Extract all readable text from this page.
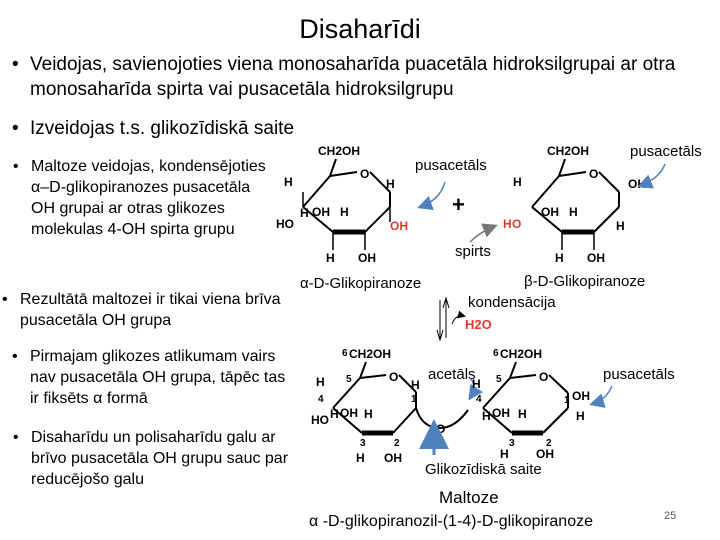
Disaharīdi
• Veidojas, savienojoties viena monosaharīda puacetāla hidroksilgrupai ar otra monosaharīda spirta vai pusacetāla hidroksilgrupu
• Izveidojas t.s. glikozīdiskā saite
• Maltoze veidojas, kondensējoties α–D-glikopiranozes pusacetāla OH grupai ar otras glikozes molekulas 4-OH spirta grupu
• Rezultātā maltozei ir tikai viena brīva pusacetāla OH grupa
• Pirmajam glikozes atlikumam vairs nav pusacetāla OH grupa, tāpēc tas ir fiksēts α formā
• Disaharīdu un polisaharīdu galu ar brīvo pusacetāla OH grupu sauc par reducējošo galu
CH2OH
O
H
H OH
HO
H
H OH
H
OH
+
pusacetāls
spirts
CH2OH
O
H
H O
OH H
H OH
OH
H
pusacetāls
α-D-Glikopiranoze	β-D-Glikopiranoze
kondensācija
H2O
6 CH2OH
5	O
H
4
H OH
HO	H
3
H
2
OH
H
1
O
acetāls
6 CH2OH
5	O
H
4
H OH H
3
H
2
OH
OH
1
H
pusacetāls
Glikozīdiskā saite
Maltoze
α -D-glikopiranozil-(1-4)-D-glikopiranoze	25
